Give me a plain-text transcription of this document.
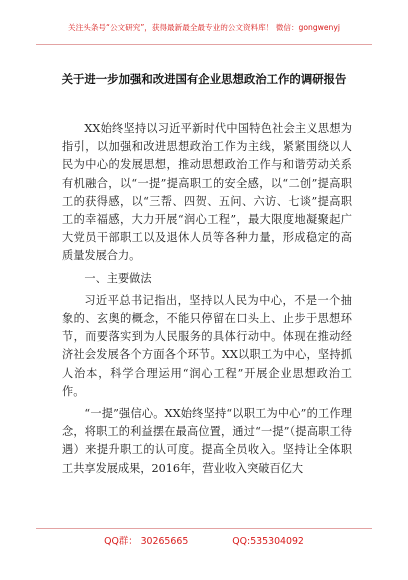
关注头条号“公文研究”，获得最新最全最专业的公文资料库！ 微信：gongwenyj
关于进一步加强和改进国有企业思想政治工作的调研报告

XX始终坚持以习近平新时代中国特色社会主义思想为指引，以加强和改进思想政治工作为主线，紧紧围绕以人民为中心的发展思想，推动思想政治工作与和谐劳动关系有机融合，以“一提”提高职工的安全感，以“二创”提高职工的获得感，以“三帮、四贺、五问、六访、七谈”提高职工的幸福感，大力开展“润心工程”，最大限度地凝聚起广大党员干部职工以及退休人员等各种力量，形成稳定的高质量发展合力。

一、主要做法

习近平总书记指出，坚持以人民为中心，不是一个抽象的、玄奥的概念，不能只停留在口头上、止步于思想环节，而要落实到为人民服务的具体行动中。体现在推动经济社会发展各个方面各个环节。XX以职工为中心，坚持抓人治本，科学合理运用“润心工程”开展企业思想政治工作。

“一提”强信心。XX始终坚持“以职工为中心”的工作理念，将职工的利益摆在最高位置，通过“一提”（提高职工待遇）来提升职工的认可度。提高全员收入。坚持让全体职工共享发展成果，2016年，营业收入突破百亿大

QQ群： 30265665	QQ:535304092
